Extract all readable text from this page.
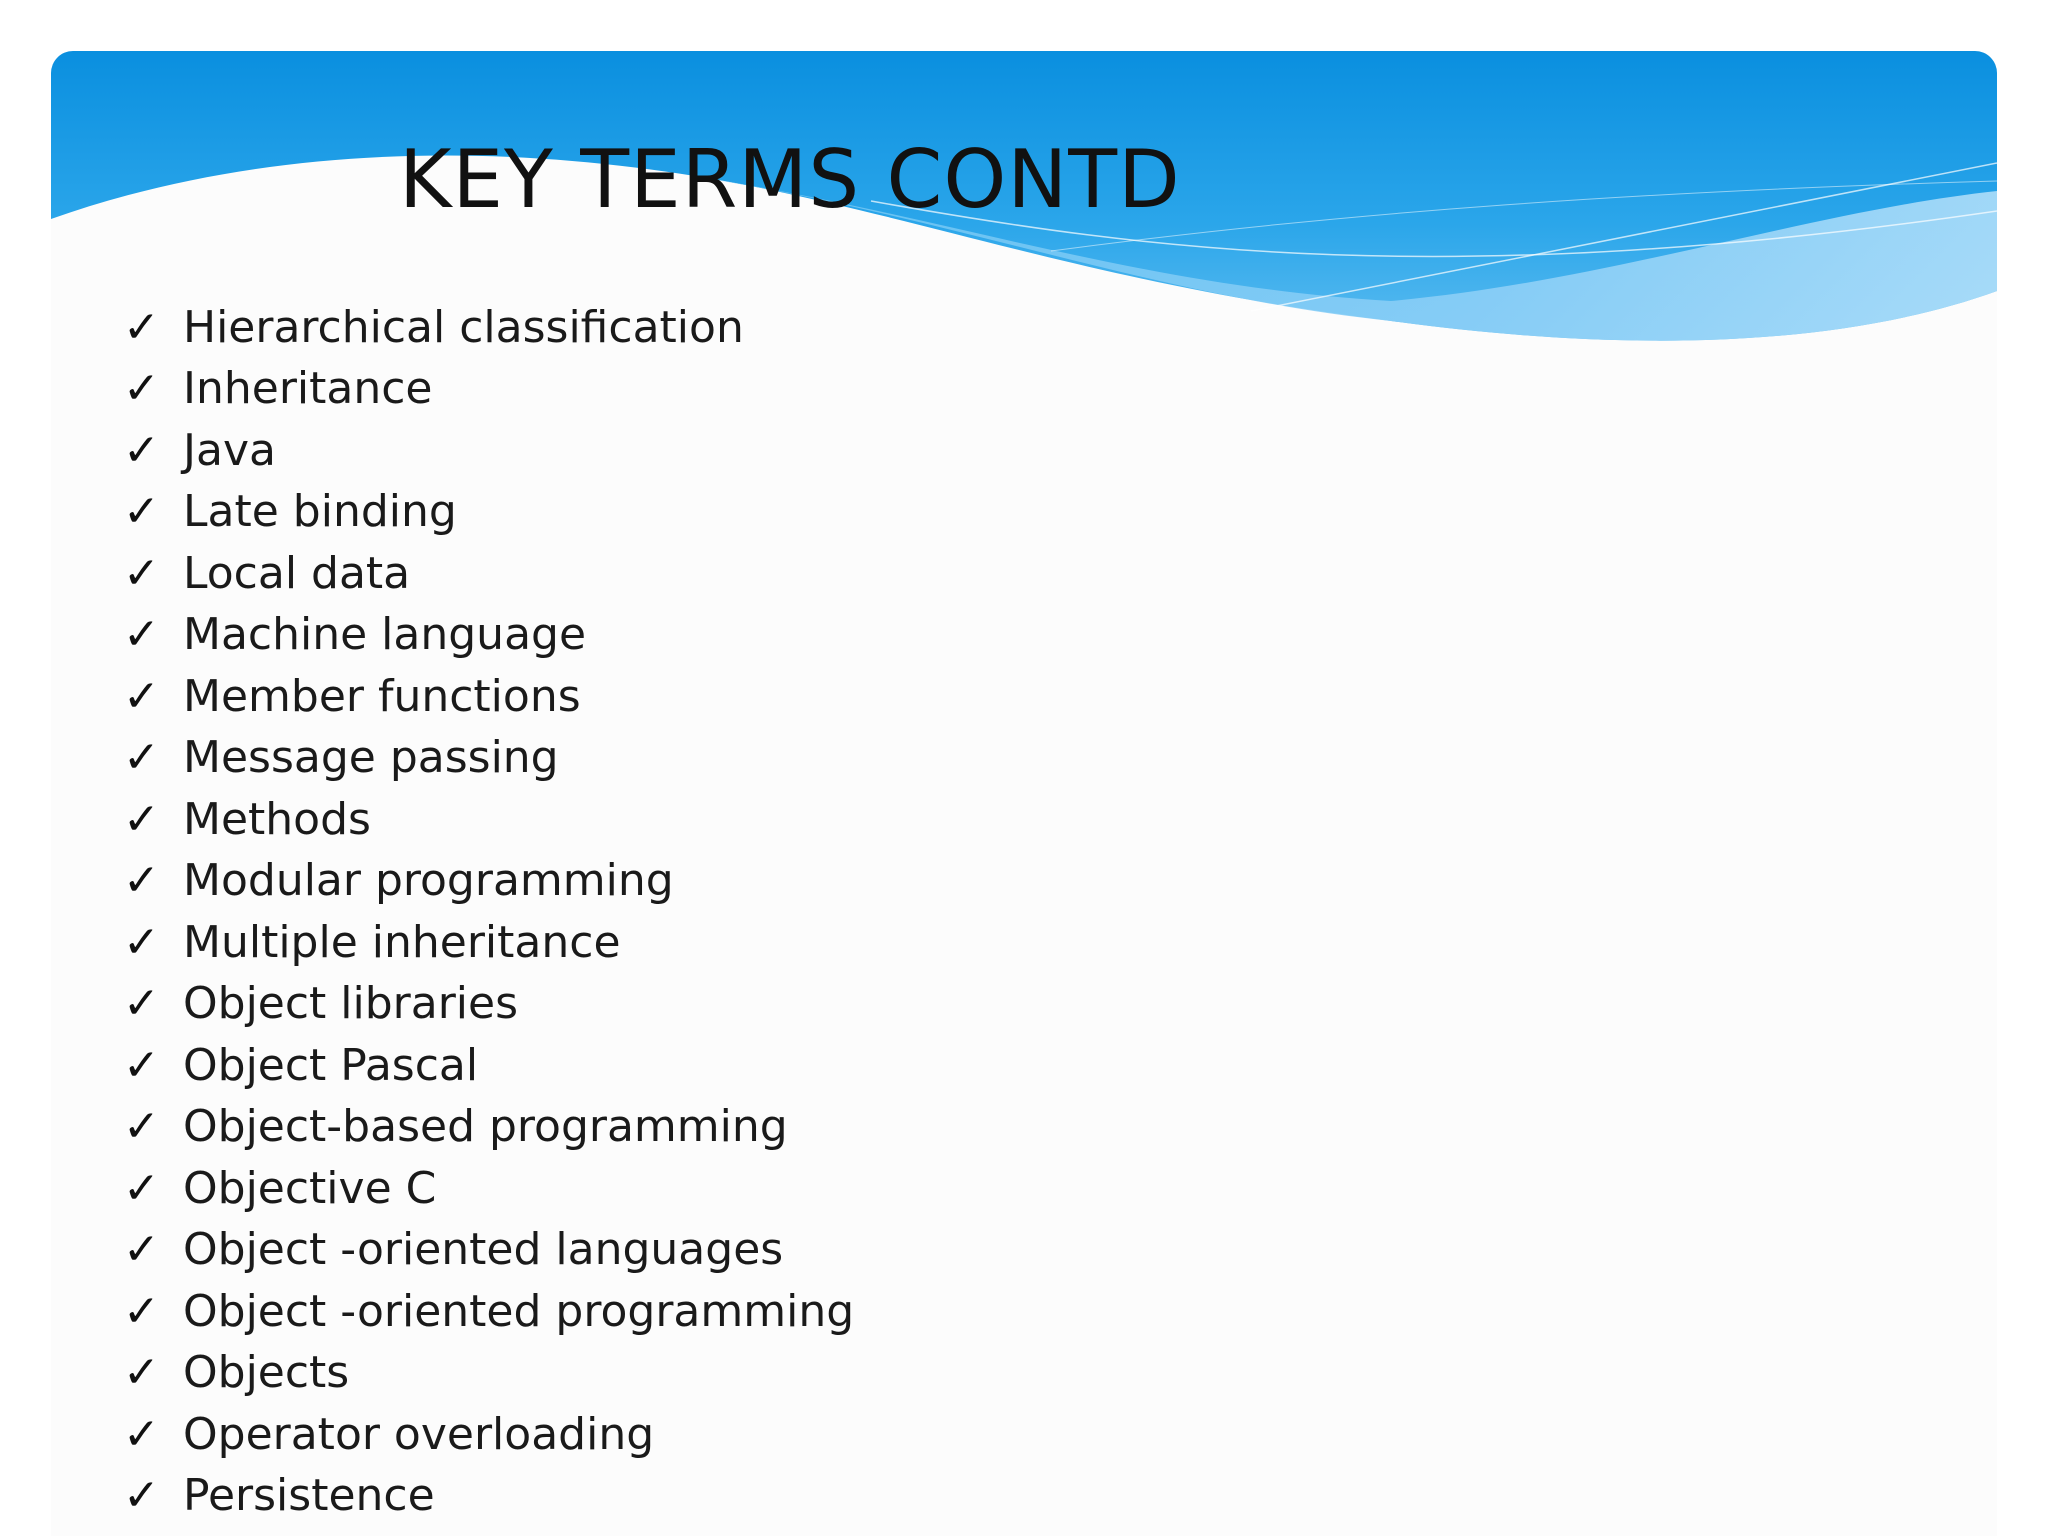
KEY TERMS CONTD
✓ Hierarchical classification
✓ Inheritance
✓ Java
✓ Late binding
✓ Local data
✓ Machine language
✓ Member functions
✓ Message passing
✓ Methods
✓ Modular programming
✓ Multiple inheritance
✓ Object libraries
✓ Object Pascal
✓ Object-based programming
✓ Objective C
✓ Object -oriented languages
✓ Object -oriented programming
✓ Objects
✓ Operator overloading
✓ Persistence
